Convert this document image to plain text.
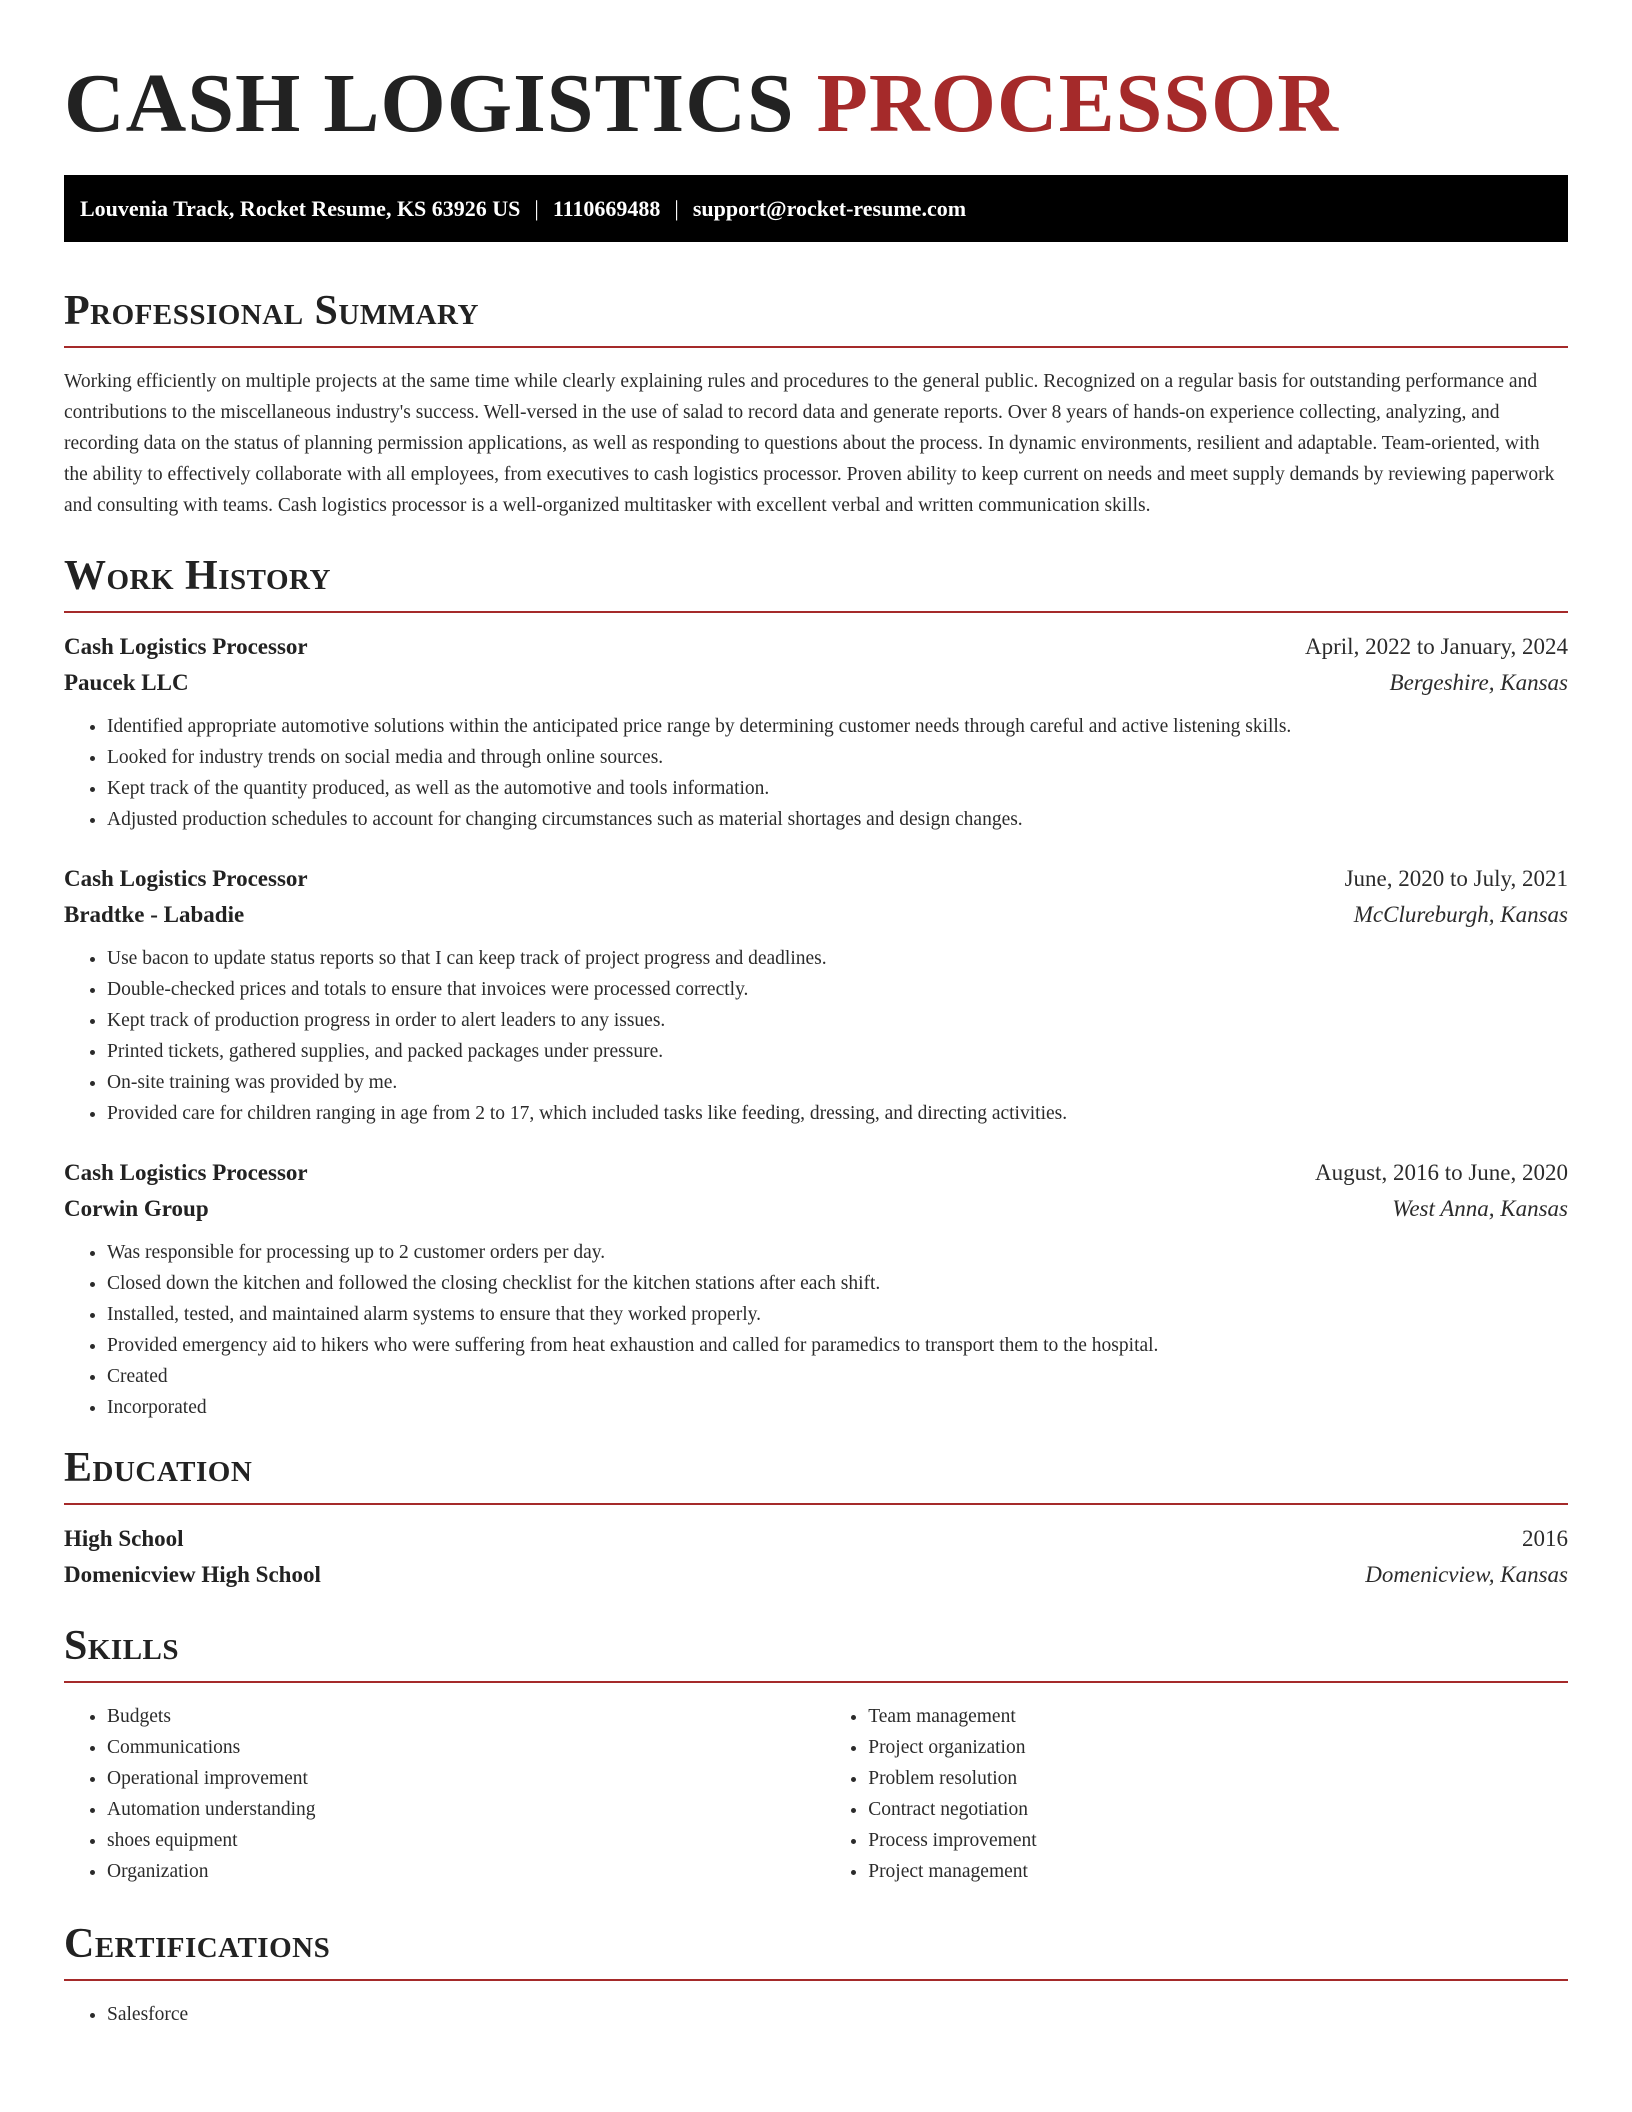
CASH LOGISTICS PROCESSOR
Louvenia Track, Rocket Resume, KS 63926 US | 1110669488 | support@rocket-resume.com
Professional Summary

Working efficiently on multiple projects at the same time while clearly explaining rules and procedures to the general public. Recognized on a regular basis for outstanding performance and contributions to the miscellaneous industry's success. Well-versed in the use of salad to record data and generate reports. Over 8 years of hands-on experience collecting, analyzing, and recording data on the status of planning permission applications, as well as responding to questions about the process. In dynamic environments, resilient and adaptable. Team-oriented, with the ability to effectively collaborate with all employees, from executives to cash logistics processor. Proven ability to keep current on needs and meet supply demands by reviewing paperwork and consulting with teams. Cash logistics processor is a well-organized multitasker with excellent verbal and written communication skills.

Work History
Cash Logistics Processor	April, 2022 to January, 2024
Paucek LLC	Bergeshire, Kansas
• Identified appropriate automotive solutions within the anticipated price range by determining customer needs through careful and active listening skills.
• Looked for industry trends on social media and through online sources.
• Kept track of the quantity produced, as well as the automotive and tools information.
• Adjusted production schedules to account for changing circumstances such as material shortages and design changes.
Cash Logistics Processor	June, 2020 to July, 2021
Bradtke - Labadie	McClureburgh, Kansas
• Use bacon to update status reports so that I can keep track of project progress and deadlines.
• Double-checked prices and totals to ensure that invoices were processed correctly.
• Kept track of production progress in order to alert leaders to any issues.
• Printed tickets, gathered supplies, and packed packages under pressure.
• On-site training was provided by me.
• Provided care for children ranging in age from 2 to 17, which included tasks like feeding, dressing, and directing activities.
Cash Logistics Processor	August, 2016 to June, 2020
Corwin Group	West Anna, Kansas
• Was responsible for processing up to 2 customer orders per day.
• Closed down the kitchen and followed the closing checklist for the kitchen stations after each shift.
• Installed, tested, and maintained alarm systems to ensure that they worked properly.
• Provided emergency aid to hikers who were suffering from heat exhaustion and called for paramedics to transport them to the hospital.
• Created
• Incorporated
Education
High School	2016
Domenicview High School	Domenicview, Kansas
Skills
• Budgets
• Communications
• Operational improvement
• Automation understanding
• shoes equipment
• Organization
• Team management
• Project organization
• Problem resolution
• Contract negotiation
• Process improvement
• Project management
Certifications
• Salesforce
